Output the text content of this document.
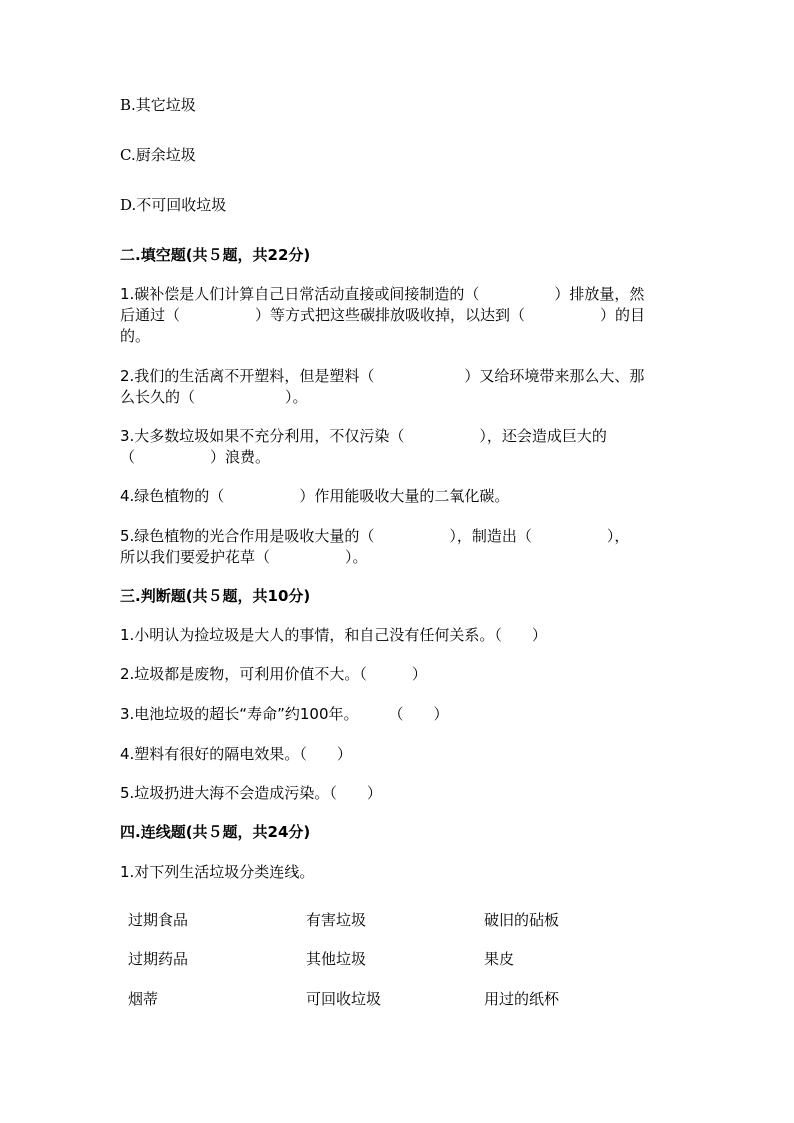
B.其它垃圾
C.厨余垃圾
D.不可回收垃圾
二.填空题(共５题，共22分)
1.碳补偿是人们计算自己日常活动直接或间接制造的（　　　　　）排放量，然
后通过（　　　　　）等方式把这些碳排放吸收掉，以达到（　　　　　）的目
的。
2.我们的生活离不开塑料，但是塑料（　　　　　　）又给环境带来那么大、那
么长久的（　　　　　　）。
3.大多数垃圾如果不充分利用，不仅污染（　　　　　），还会造成巨大的
（　　　　　）浪费。
4.绿色植物的（　　　　　）作用能吸收大量的二氧化碳。
5.绿色植物的光合作用是吸收大量的（　　　　　），制造出（　　　　　），
所以我们要爱护花草（　　　　　）。
三.判断题(共５题，共10分)
1.小明认为捡垃圾是大人的事情，和自己没有任何关系。（　　）
2.垃圾都是废物，可利用价值不大。（　　　）
3.电池垃圾的超长“寿命”约100年。　　　（　　）
4.塑料有很好的隔电效果。（　　）
5.垃圾扔进大海不会造成污染。（　　）
四.连线题(共５题，共24分)
1.对下列生活垃圾分类连线。
过期食品	有害垃圾	破旧的砧板
过期药品	其他垃圾	果皮
烟蒂	可回收垃圾	用过的纸杯
